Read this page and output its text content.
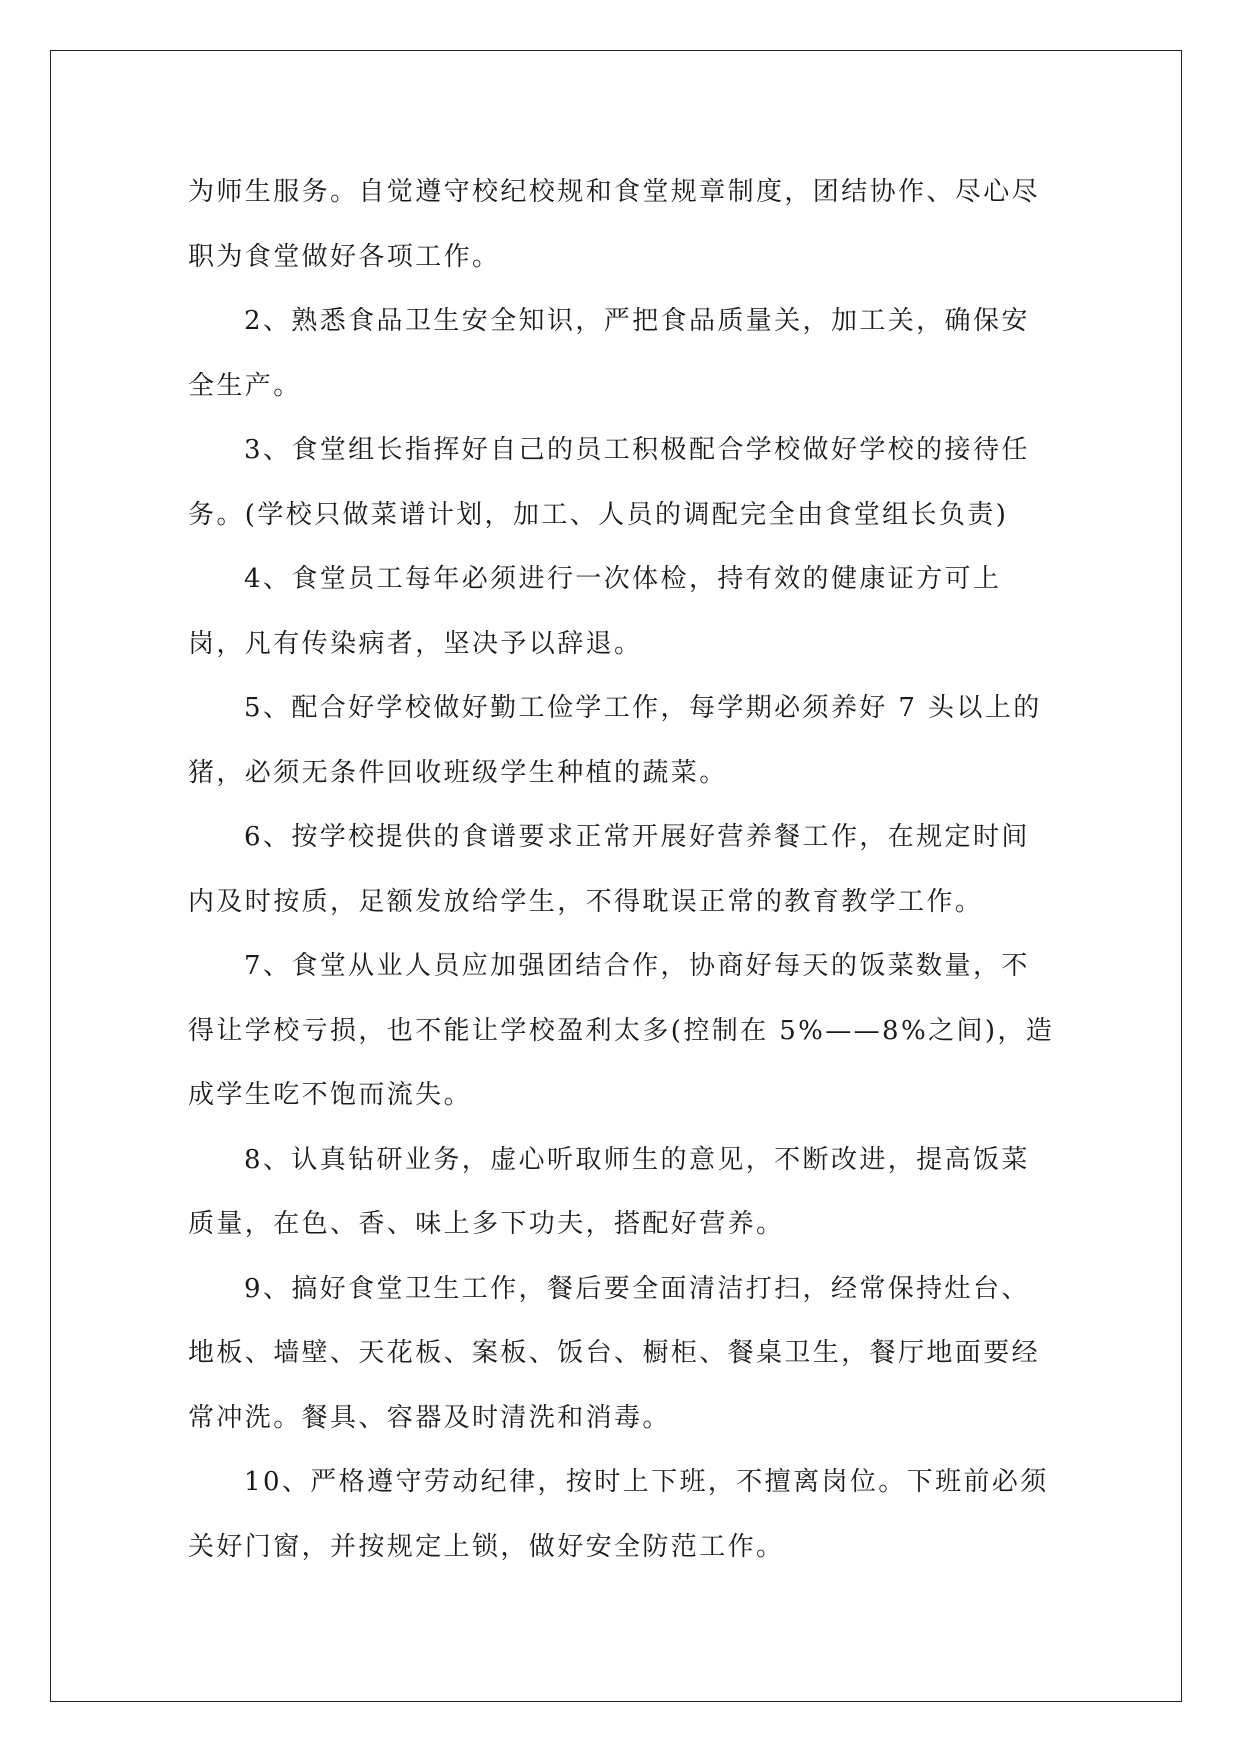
为师生服务。自觉遵守校纪校规和食堂规章制度，团结协作、尽心尽职为食堂做好各项工作。

2、熟悉食品卫生安全知识，严把食品质量关，加工关，确保安全生产。

3、食堂组长指挥好自己的员工积极配合学校做好学校的接待任务。(学校只做菜谱计划，加工、人员的调配完全由食堂组长负责)

4、食堂员工每年必须进行一次体检，持有效的健康证方可上岗，凡有传染病者，坚决予以辞退。

5、配合好学校做好勤工俭学工作，每学期必须养好 7 头以上的猪，必须无条件回收班级学生种植的蔬菜。

6、按学校提供的食谱要求正常开展好营养餐工作，在规定时间内及时按质，足额发放给学生，不得耽误正常的教育教学工作。

7、食堂从业人员应加强团结合作，协商好每天的饭菜数量，不得让学校亏损，也不能让学校盈利太多(控制在 5%——8%之间)，造成学生吃不饱而流失。

8、认真钻研业务，虚心听取师生的意见，不断改进，提高饭菜质量，在色、香、味上多下功夫，搭配好营养。

9、搞好食堂卫生工作，餐后要全面清洁打扫，经常保持灶台、地板、墙壁、天花板、案板、饭台、橱柜、餐桌卫生，餐厅地面要经常冲洗。餐具、容器及时清洗和消毒。

10、严格遵守劳动纪律，按时上下班，不擅离岗位。下班前必须关好门窗，并按规定上锁，做好安全防范工作。
